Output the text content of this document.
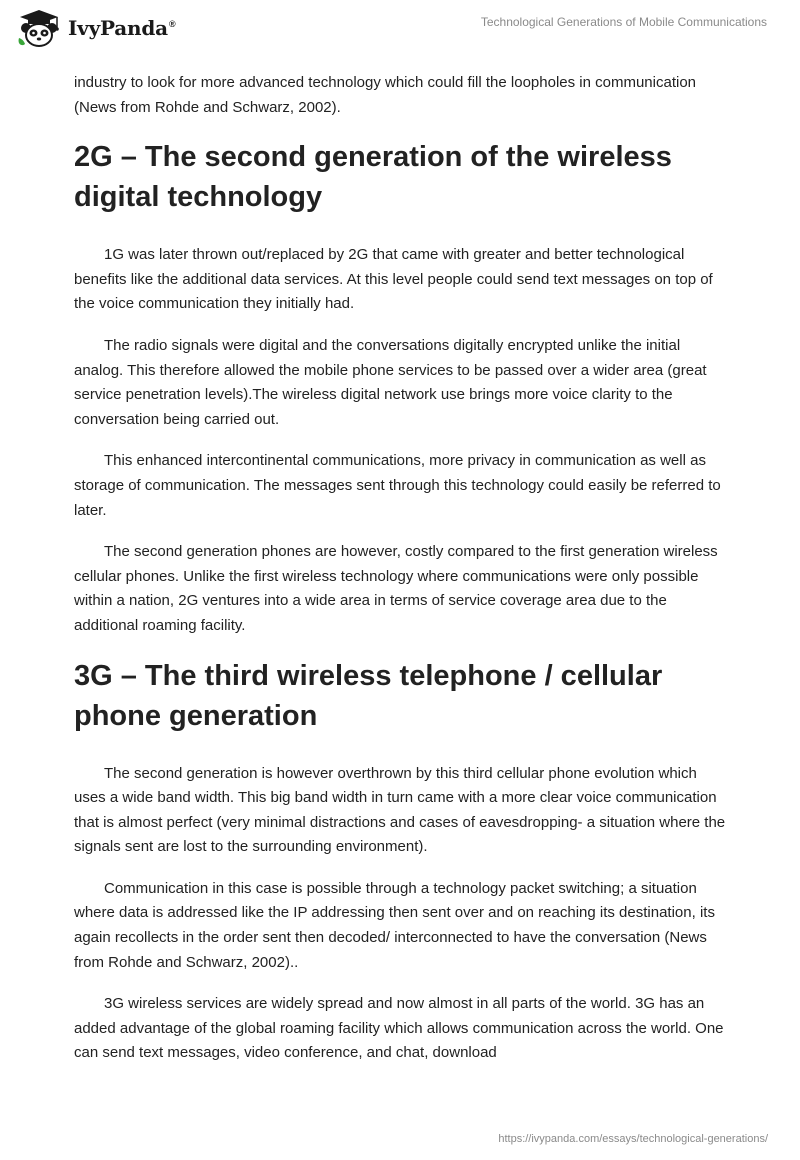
IvyPanda®	Technological Generations of Mobile Communications

industry to look for more advanced technology which could fill the loopholes in communication (News from Rohde and Schwarz, 2002).

2G – The second generation of the wireless digital technology

1G was later thrown out/replaced by 2G that came with greater and better technological benefits like the additional data services. At this level people could send text messages on top of the voice communication they initially had.

The radio signals were digital and the conversations digitally encrypted unlike the initial analog. This therefore allowed the mobile phone services to be passed over a wider area (great service penetration levels).The wireless digital network use brings more voice clarity to the conversation being carried out.

This enhanced intercontinental communications, more privacy in communication as well as storage of communication. The messages sent through this technology could easily be referred to later.

The second generation phones are however, costly compared to the first generation wireless cellular phones. Unlike the first wireless technology where communications were only possible within a nation, 2G ventures into a wide area in terms of service coverage area due to the additional roaming facility.

3G – The third wireless telephone / cellular phone generation

The second generation is however overthrown by this third cellular phone evolution which uses a wide band width. This big band width in turn came with a more clear voice communication that is almost perfect (very minimal distractions and cases of eavesdropping- a situation where the signals sent are lost to the surrounding environment).

Communication in this case is possible through a technology packet switching; a situation where data is addressed like the IP addressing then sent over and on reaching its destination, its again recollects in the order sent then decoded/ interconnected to have the conversation (News from Rohde and Schwarz, 2002)..

3G wireless services are widely spread and now almost in all parts of the world. 3G has an added advantage of the global roaming facility which allows communication across the world. One can send text messages, video conference, and chat, download

https://ivypanda.com/essays/technological-generations/
